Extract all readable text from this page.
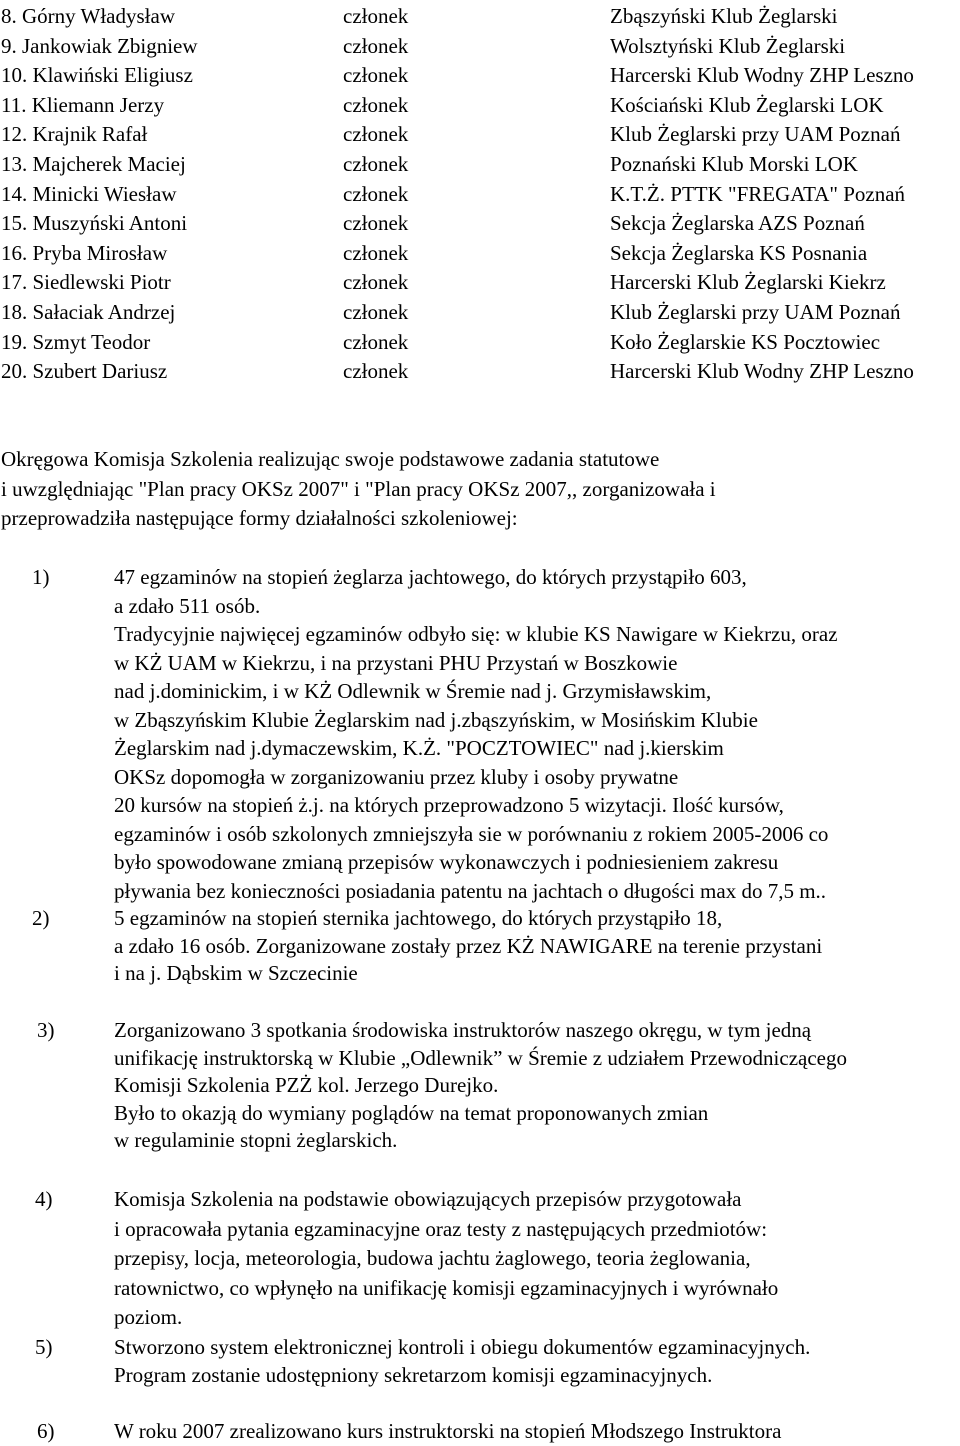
8. Górny Władysław	członek	Zbąszyński Klub Żeglarski
9. Jankowiak Zbigniew	członek	Wolsztyński Klub Żeglarski
10. Klawiński Eligiusz	członek	Harcerski Klub Wodny ZHP Leszno
11. Kliemann Jerzy	członek	Kościański Klub Żeglarski LOK
12. Krajnik Rafał	członek	Klub Żeglarski przy UAM Poznań
13. Majcherek Maciej	członek	Poznański Klub Morski LOK
14. Minicki Wiesław	członek	K.T.Ż. PTTK "FREGATA" Poznań
15. Muszyński Antoni	członek	Sekcja Żeglarska AZS Poznań
16. Pryba Mirosław	członek	Sekcja Żeglarska KS Posnania
17. Siedlewski Piotr	członek	Harcerski Klub Żeglarski Kiekrz
18. Sałaciak Andrzej	członek	Klub Żeglarski przy UAM Poznań
19. Szmyt Teodor	członek	Koło Żeglarskie KS Pocztowiec
20. Szubert Dariusz	członek	Harcerski Klub Wodny ZHP Leszno
Okręgowa Komisja Szkolenia realizując swoje podstawowe zadania statutowe
i uwzględniając "Plan pracy OKSz 2007" i "Plan pracy OKSz 2007,, zorganizowała i
przeprowadziła następujące formy działalności szkoleniowej:
1)	47 egzaminów na stopień żeglarza jachtowego, do których przystąpiło 603,
a zdało 511 osób.
Tradycyjnie najwięcej egzaminów odbyło się: w klubie KS Nawigare w Kiekrzu, oraz
w KŻ UAM w Kiekrzu, i na przystani PHU Przystań w Boszkowie
nad j.dominickim, i w KŻ Odlewnik w Śremie nad j. Grzymisławskim,
w Zbąszyńskim Klubie Żeglarskim nad j.zbąszyńskim, w Mosińskim Klubie
Żeglarskim nad j.dymaczewskim, K.Ż. "POCZTOWIEC" nad j.kierskim
OKSz dopomogła w zorganizowaniu przez kluby i osoby prywatne
20 kursów na stopień ż.j. na których przeprowadzono 5 wizytacji. Ilość kursów,
egzaminów i osób szkolonych zmniejszyła sie w porównaniu z rokiem 2005-2006 co
było spowodowane zmianą przepisów wykonawczych i podniesieniem zakresu
pływania bez konieczności posiadania patentu na jachtach o długości max do 7,5 m..
2)	5 egzaminów na stopień sternika jachtowego, do których przystąpiło 18,
a zdało 16 osób. Zorganizowane zostały przez KŻ NAWIGARE na terenie przystani
i na j. Dąbskim w Szczecinie
3)	Zorganizowano 3 spotkania środowiska instruktorów naszego okręgu, w tym jedną
unifikację instruktorską w Klubie „Odlewnik” w Śremie z udziałem Przewodniczącego
Komisji Szkolenia PZŻ kol. Jerzego Durejko.
Było to okazją do wymiany poglądów na temat proponowanych zmian
w regulaminie stopni żeglarskich.
4)	Komisja Szkolenia na podstawie obowiązujących przepisów przygotowała
i opracowała pytania egzaminacyjne oraz testy z następujących przedmiotów:
przepisy, locja, meteorologia, budowa jachtu żaglowego, teoria żeglowania,
ratownictwo, co wpłynęło na unifikację komisji egzaminacyjnych i wyrównało
poziom.
5)	Stworzono system elektronicznej kontroli i obiegu dokumentów egzaminacyjnych.
Program zostanie udostępniony sekretarzom komisji egzaminacyjnych.
6)	W roku 2007 zrealizowano kurs instruktorski na stopień Młodszego Instruktora
